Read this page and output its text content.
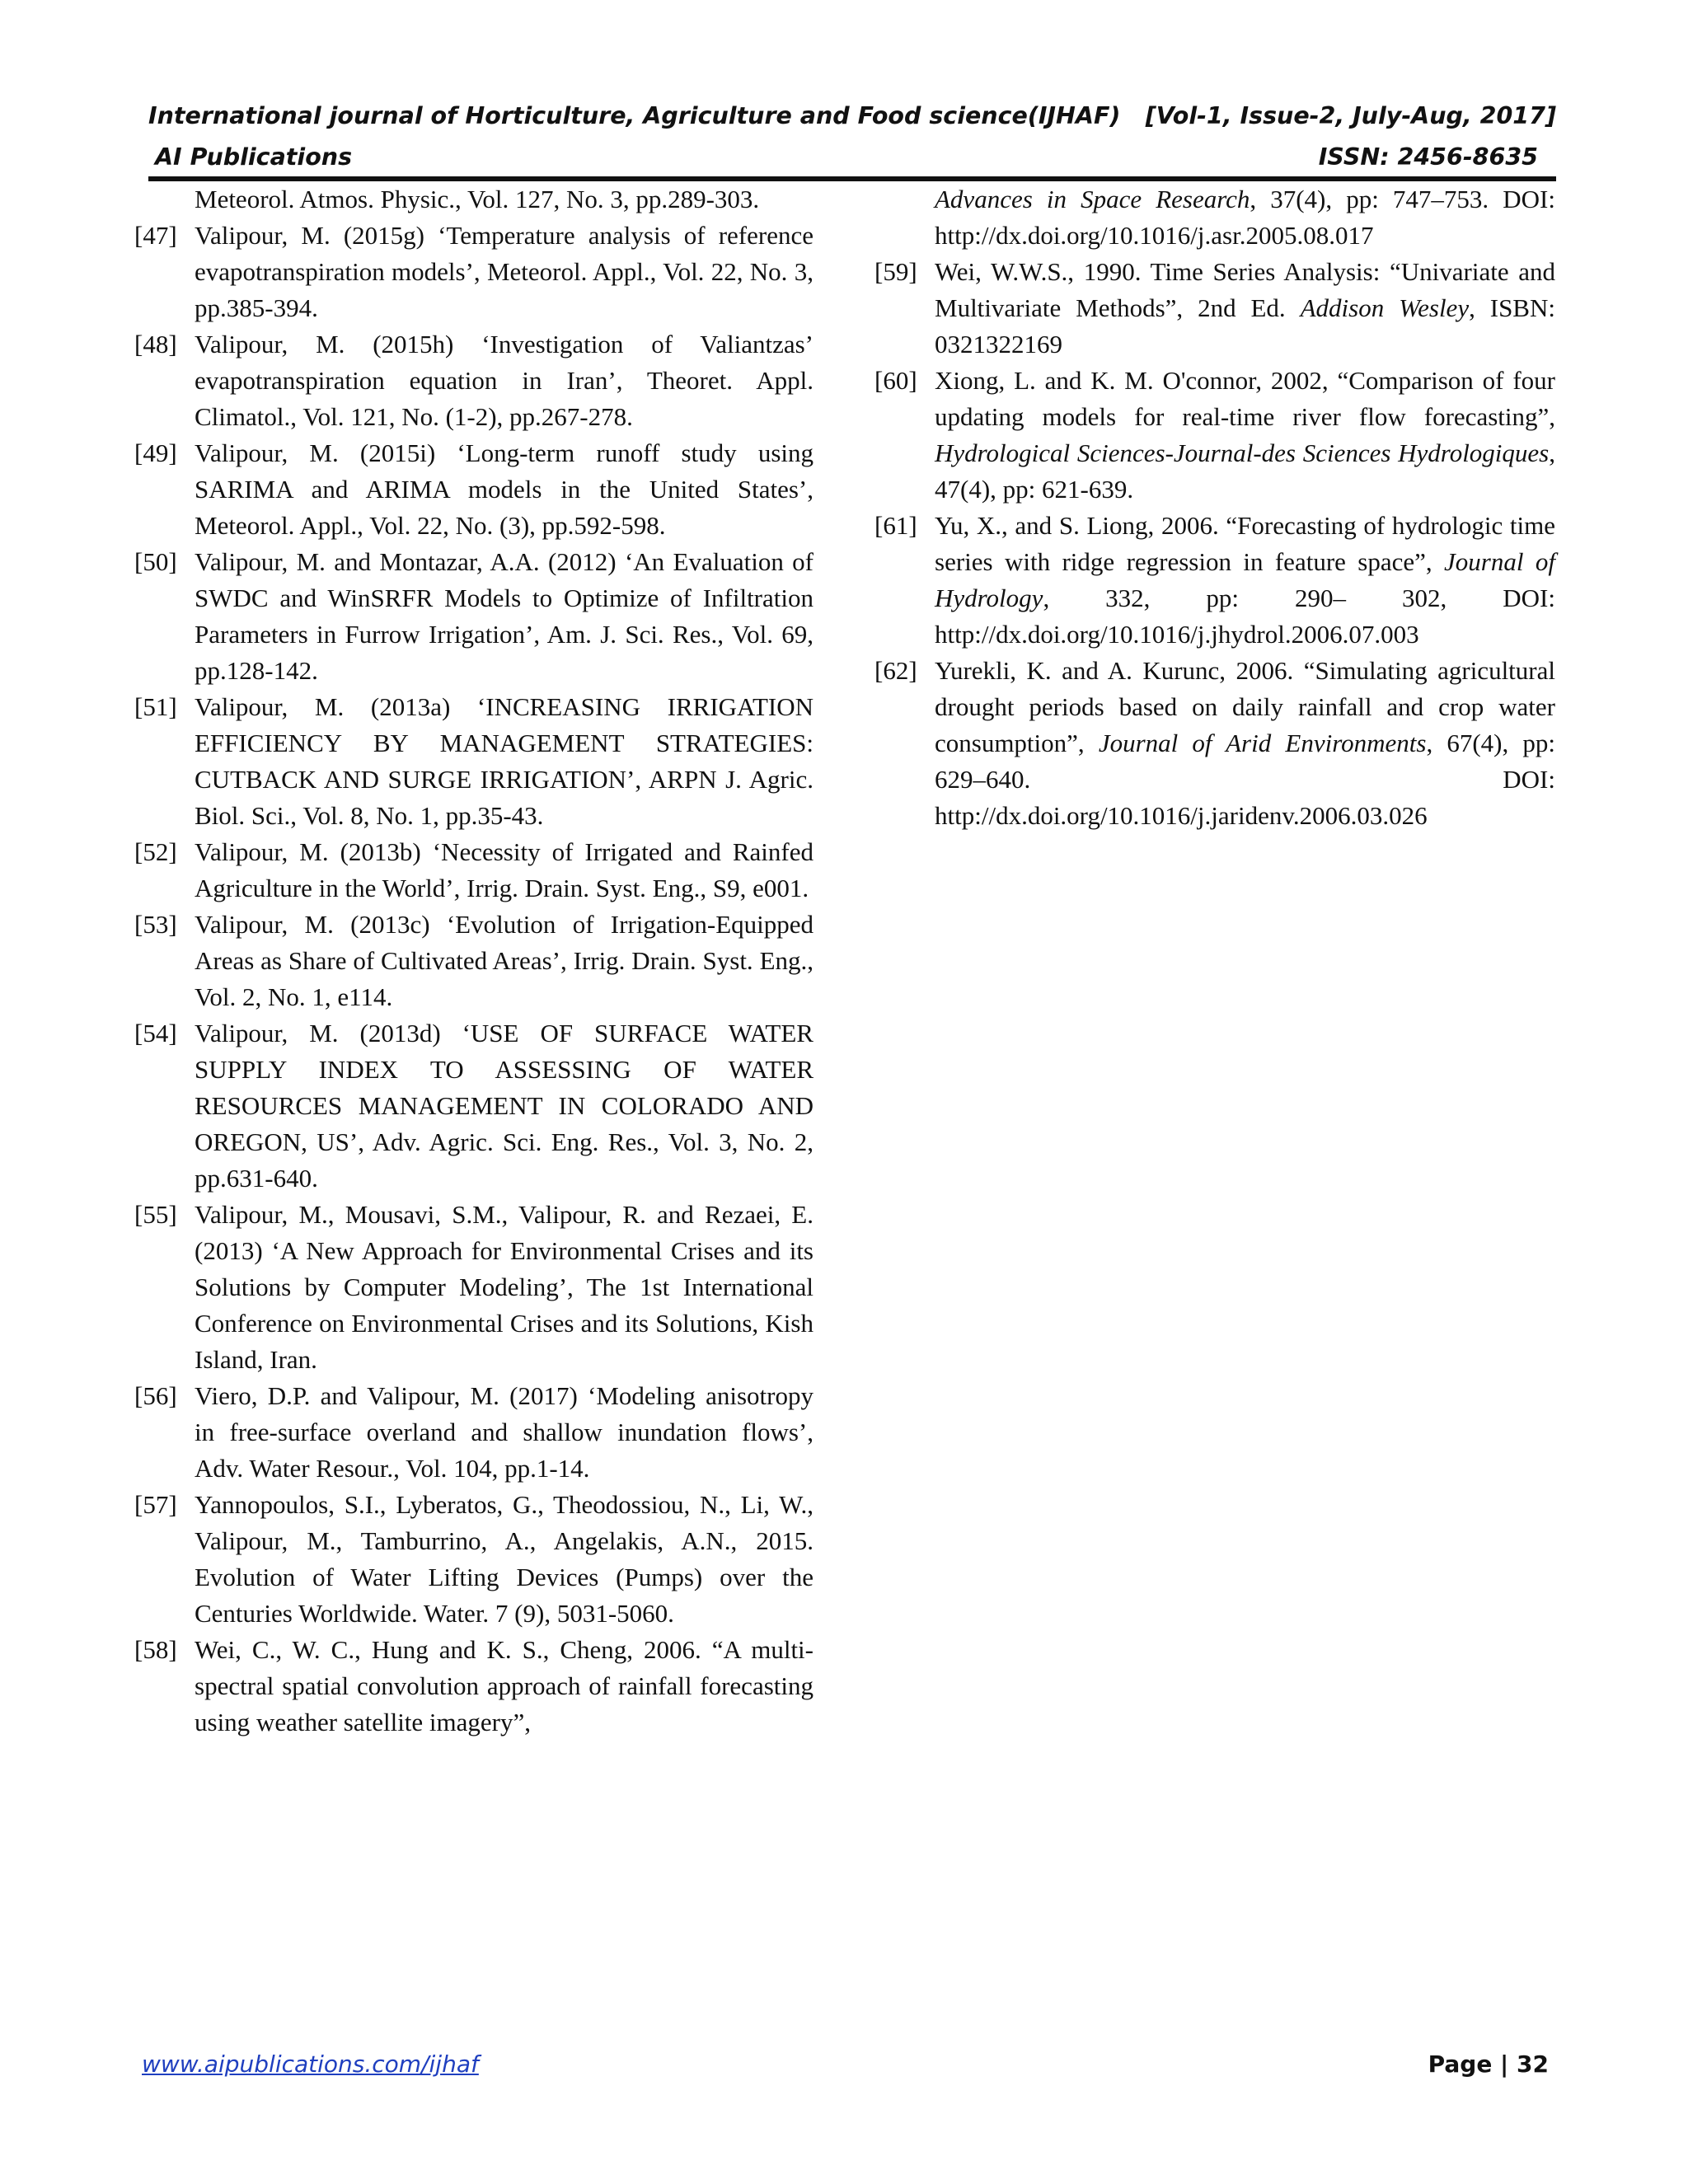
International journal of Horticulture, Agriculture and Food science(IJHAF) [Vol-1, Issue-2, July-Aug, 2017]
AI Publications	ISSN: 2456-8635
Meteorol. Atmos. Physic., Vol. 127, No. 3, pp.289-303.
[47] Valipour, M. (2015g) ‘Temperature analysis of reference evapotranspiration models’, Meteorol. Appl., Vol. 22, No. 3, pp.385-394.
[48] Valipour, M. (2015h) ‘Investigation of Valiantzas’ evapotranspiration equation in Iran’, Theoret. Appl. Climatol., Vol. 121, No. (1-2), pp.267-278.
[49] Valipour, M. (2015i) ‘Long-term runoff study using SARIMA and ARIMA models in the United States’, Meteorol. Appl., Vol. 22, No. (3), pp.592-598.
[50] Valipour, M. and Montazar, A.A. (2012) ‘An Evaluation of SWDC and WinSRFR Models to Optimize of Infiltration Parameters in Furrow Irrigation’, Am. J. Sci. Res., Vol. 69, pp.128-142.
[51] Valipour, M. (2013a) ‘INCREASING IRRIGATION EFFICIENCY BY MANAGEMENT STRATEGIES: CUTBACK AND SURGE IRRIGATION’, ARPN J. Agric. Biol. Sci., Vol. 8, No. 1, pp.35-43.
[52] Valipour, M. (2013b) ‘Necessity of Irrigated and Rainfed Agriculture in the World’, Irrig. Drain. Syst. Eng., S9, e001.
[53] Valipour, M. (2013c) ‘Evolution of Irrigation-Equipped Areas as Share of Cultivated Areas’, Irrig. Drain. Syst. Eng., Vol. 2, No. 1, e114.
[54] Valipour, M. (2013d) ‘USE OF SURFACE WATER SUPPLY INDEX TO ASSESSING OF WATER RESOURCES MANAGEMENT IN COLORADO AND OREGON, US’, Adv. Agric. Sci. Eng. Res., Vol. 3, No. 2, pp.631-640.
[55] Valipour, M., Mousavi, S.M., Valipour, R. and Rezaei, E. (2013) ‘A New Approach for Environmental Crises and its Solutions by Computer Modeling’, The 1st International Conference on Environmental Crises and its Solutions, Kish Island, Iran.
[56] Viero, D.P. and Valipour, M. (2017) ‘Modeling anisotropy in free-surface overland and shallow inundation flows’, Adv. Water Resour., Vol. 104, pp.1-14.
[57] Yannopoulos, S.I., Lyberatos, G., Theodossiou, N., Li, W., Valipour, M., Tamburrino, A., Angelakis, A.N., 2015. Evolution of Water Lifting Devices (Pumps) over the Centuries Worldwide. Water. 7 (9), 5031-5060.
[58] Wei, C., W. C., Hung and K. S., Cheng, 2006. “A multi-spectral spatial convolution approach of rainfall forecasting using weather satellite imagery”,
Advances in Space Research, 37(4), pp: 747–753. DOI: http://dx.doi.org/10.1016/j.asr.2005.08.017
[59] Wei, W.W.S., 1990. Time Series Analysis: “Univariate and Multivariate Methods”, 2nd Ed. Addison Wesley, ISBN: 0321322169
[60] Xiong, L. and K. M. O'connor, 2002, “Comparison of four updating models for real-time river flow forecasting”, Hydrological Sciences-Journal-des Sciences Hydrologiques, 47(4), pp: 621-639.
[61] Yu, X., and S. Liong, 2006. “Forecasting of hydrologic time series with ridge regression in feature space”, Journal of Hydrology, 332, pp: 290– 302, DOI: http://dx.doi.org/10.1016/j.jhydrol.2006.07.003
[62] Yurekli, K. and A. Kurunc, 2006. “Simulating agricultural drought periods based on daily rainfall and crop water consumption”, Journal of Arid Environments, 67(4), pp: 629–640. DOI: http://dx.doi.org/10.1016/j.jaridenv.2006.03.026
www.aipublications.com/ijhaf	Page | 32
